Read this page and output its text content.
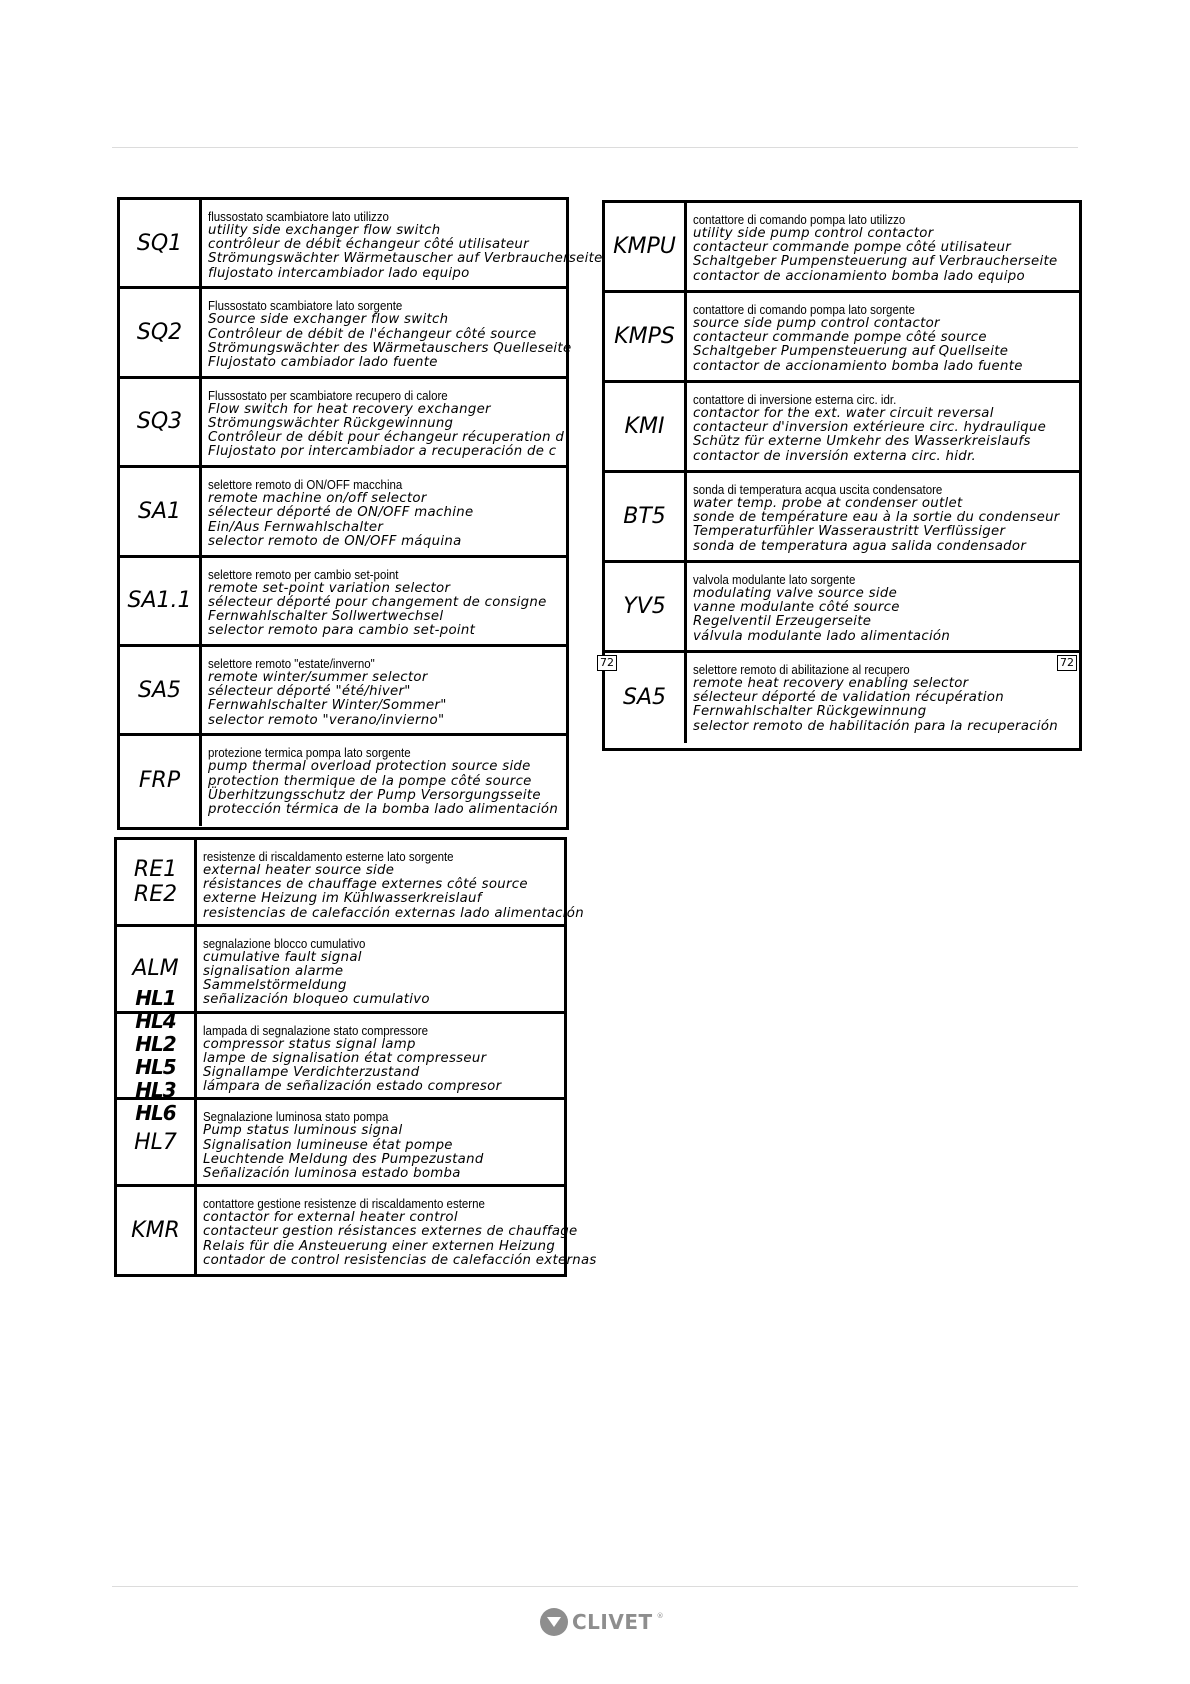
SQ1
flussostato scambiatore lato utilizzo
utility side exchanger flow switch
contrôleur de débit échangeur côté utilisateur
Strömungswächter Wärmetauscher auf Verbraucherseite
flujostato intercambiador lado equipo
SQ2
Flussostato scambiatore lato sorgente
Source side exchanger flow switch
Contrôleur de débit de l'échangeur côté source
Strömungswächter des Wärmetauschers Quelleseite
Flujostato cambiador lado fuente
SQ3
Flussostato per scambiatore recupero di calore
Flow switch for heat recovery exchanger
Strömungswächter Rückgewinnung
Contrôleur de débit pour échangeur récuperation d
Flujostato por intercambiador a recuperación de c
SA1
selettore remoto di ON/OFF macchina
remote machine on/off selector
sélecteur déporté de ON/OFF machine
Ein/Aus Fernwahlschalter
selector remoto de ON/OFF máquina
SA1.1
selettore remoto per cambio set-point
remote set-point variation selector
sélecteur déporté pour changement de consigne
Fernwahlschalter Sollwertwechsel
selector remoto para cambio set-point
SA5
selettore remoto "estate/inverno"
remote winter/summer selector
sélecteur déporté "été/hiver"
Fernwahlschalter Winter/Sommer"
selector remoto "verano/invierno"
FRP
protezione termica pompa lato sorgente
pump thermal overload protection source side
protection thermique de la pompe côté source
Überhitzungsschutz der Pump Versorgungsseite
protección térmica de la bomba lado alimentación
RE1
RE2
resistenze di riscaldamento esterne lato sorgente
external heater source side
résistances de chauffage externes côté source
externe Heizung im Kühlwasserkreislauf
resistencias de calefacción externas lado alimentación
ALM
segnalazione blocco cumulativo
cumulative fault signal
signalisation alarme
Sammelstörmeldung
señalización bloqueo cumulativo
HL1 HL4
HL2 HL5
HL3 HL6
lampada di segnalazione stato compressore
compressor status signal lamp
lampe de signalisation état compresseur
Signallampe Verdichterzustand
lámpara de señalización estado compresor
HL7
Segnalazione luminosa stato pompa
Pump status luminous signal
Signalisation lumineuse état pompe
Leuchtende Meldung des Pumpezustand
Señalización luminosa estado bomba
KMR
contattore gestione resistenze di riscaldamento esterne
contactor for external heater control
contacteur gestion résistances externes de chauffage
Relais für die Ansteuerung einer externen Heizung
contador de control resistencias de calefacción externas
KMPU
contattore di comando pompa lato utilizzo
utility side pump control contactor
contacteur commande pompe côté utilisateur
Schaltgeber Pumpensteuerung auf Verbraucherseite
contactor de accionamiento bomba lado equipo
KMPS
contattore di comando pompa lato sorgente
source side pump control contactor
contacteur commande pompe côté source
Schaltgeber Pumpensteuerung auf Quellseite
contactor de accionamiento bomba lado fuente
KMI
contattore di inversione esterna circ. idr.
contactor for the ext. water circuit reversal
contacteur d'inversion extérieure circ. hydraulique
Schütz für externe Umkehr des Wasserkreislaufs
contactor de inversión externa circ. hidr.
BT5
sonda di temperatura acqua uscita condensatore
water temp. probe at condenser outlet
sonde de température eau à la sortie du condenseur
Temperaturfühler Wasseraustritt Verflüssiger
sonda de temperatura agua salida condensador
YV5
valvola modulante lato sorgente
modulating valve source side
vanne modulante côté source
Regelventil Erzeugerseite
válvula modulante lado alimentación
SA5
selettore remoto di abilitazione al recupero
remote heat recovery enabling selector
sélecteur déporté de validation récupération
Fernwahlschalter Rückgewinnung
selector remoto de habilitación para la recuperación
72
72
CLIVET ®
